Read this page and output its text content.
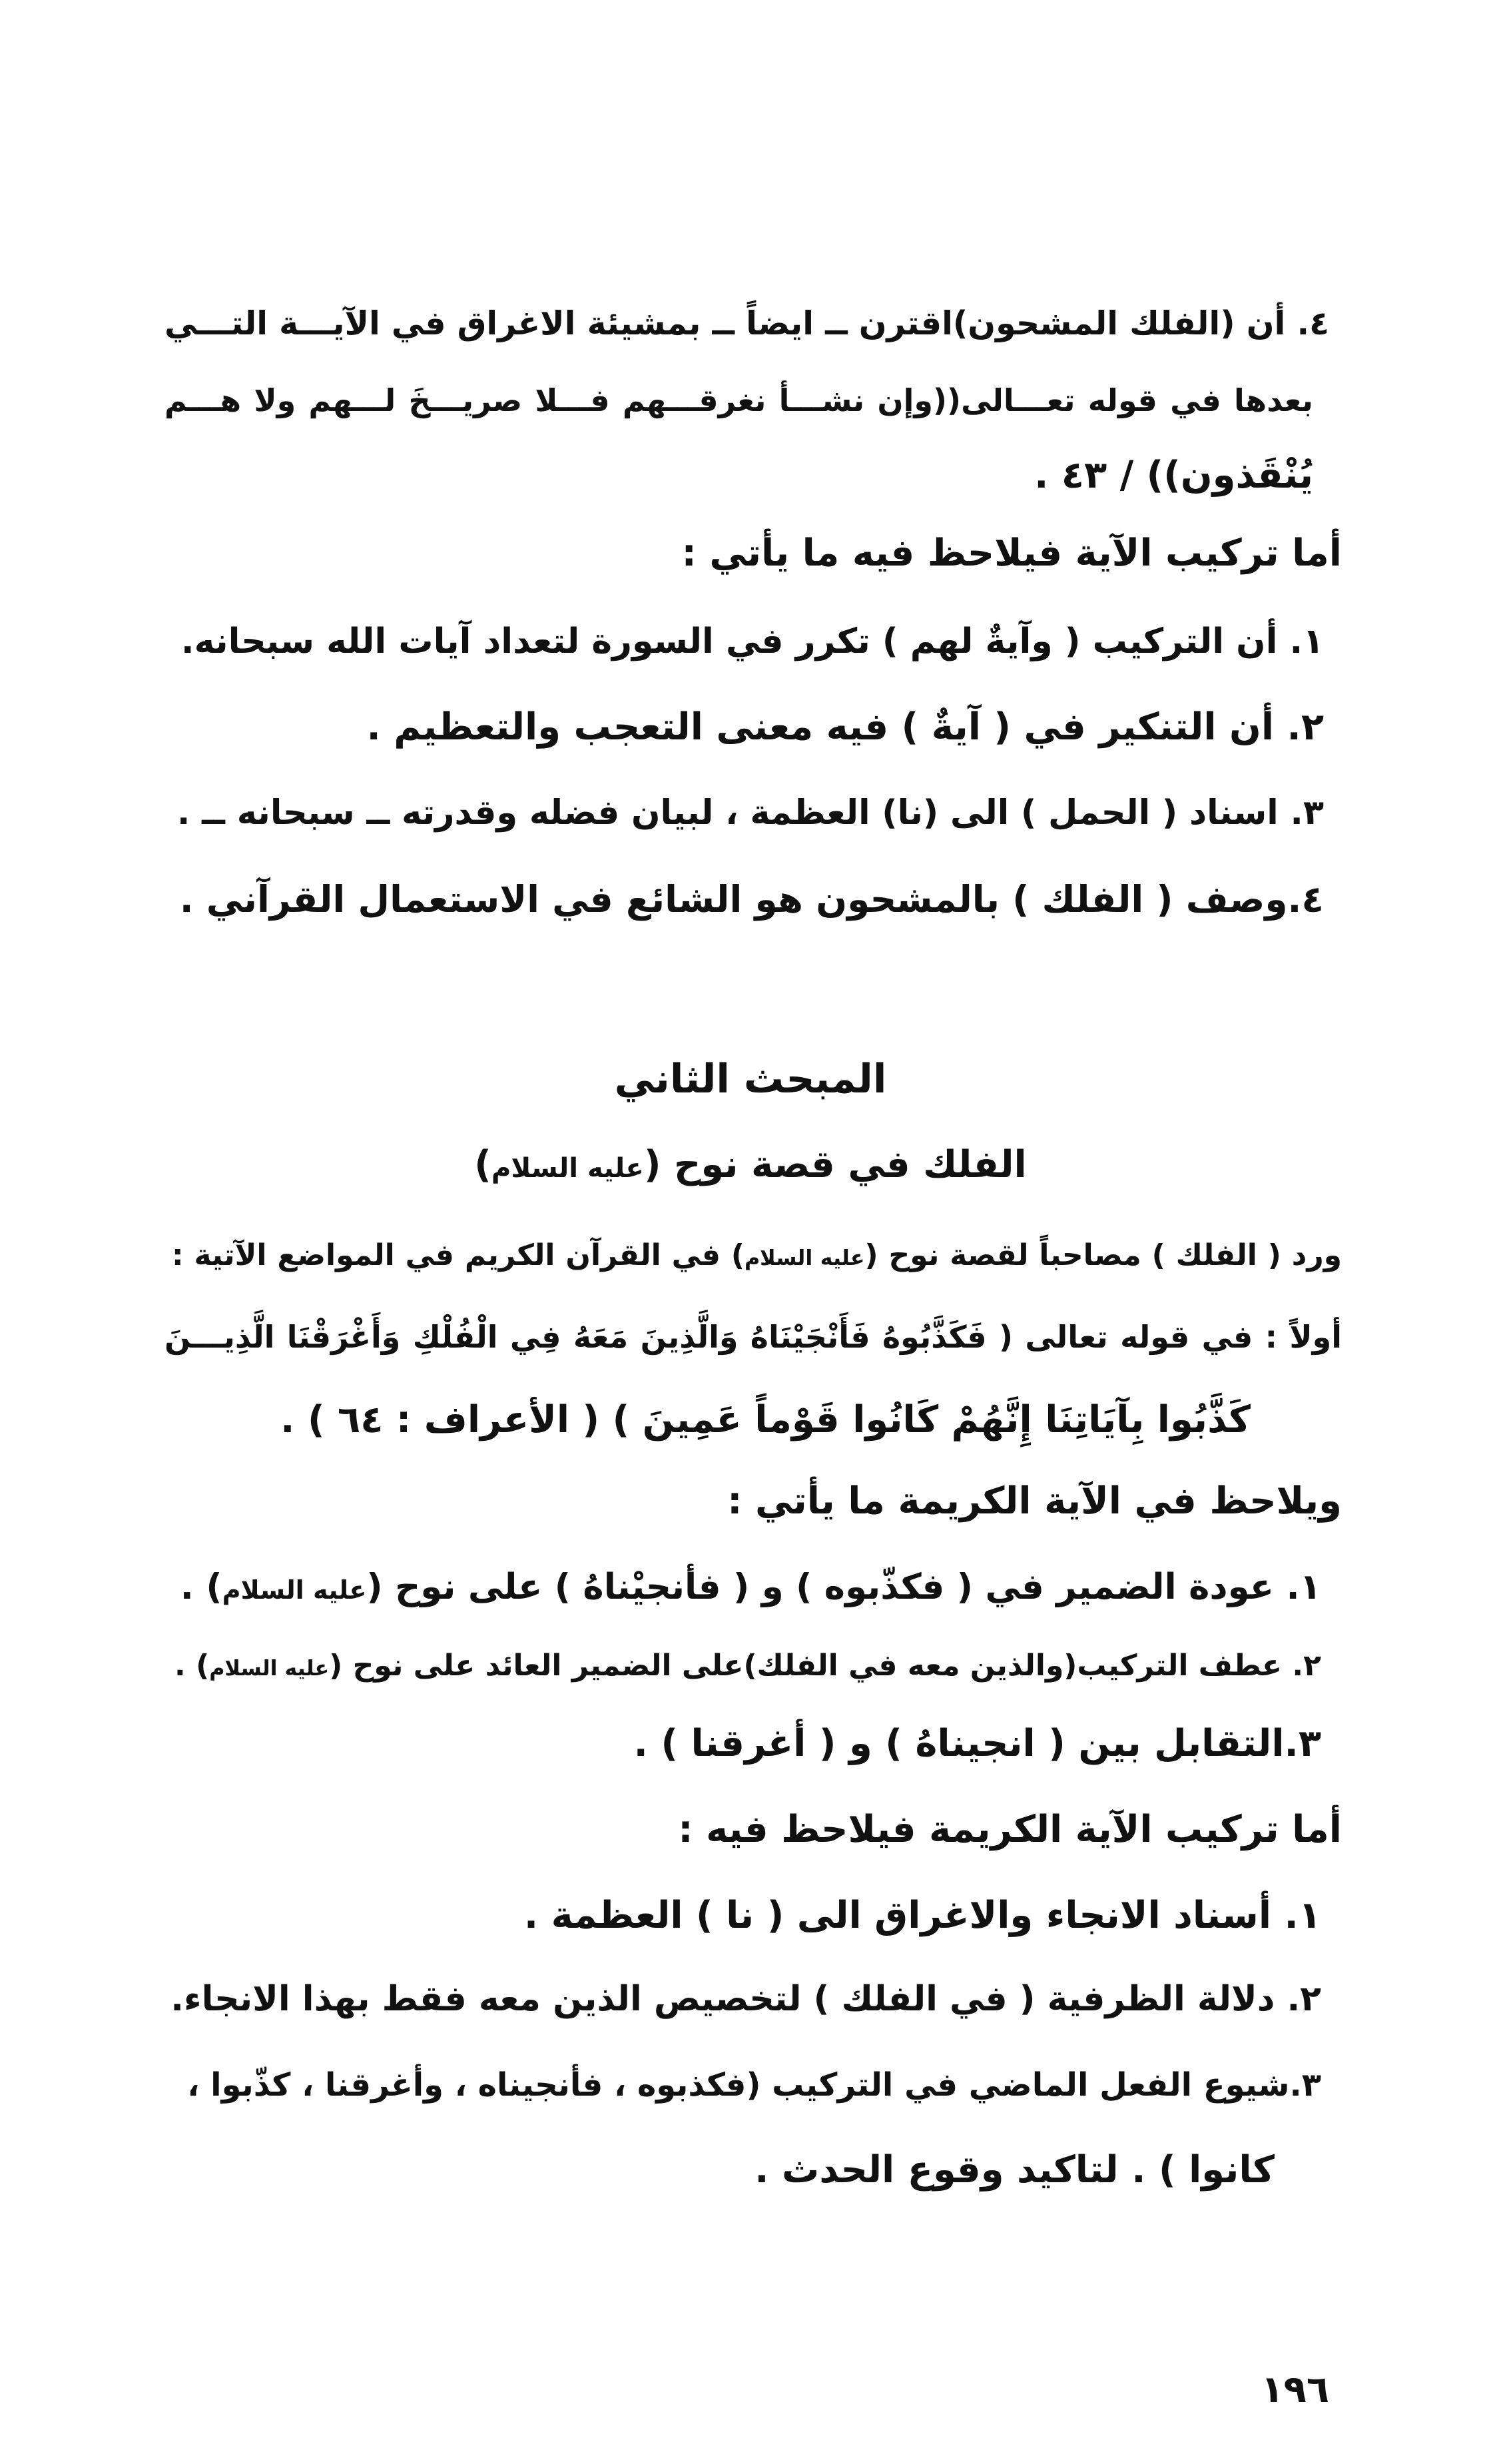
٤. أن (الفلك المشحون)اقترن ــ ايضاً ــ بمشيئة الاغراق في الآيـــة التـــي
بعدها في قوله تعـــالى((وإن نشـــأ نغرقـــهم فـــلا صريـــخَ لـــهم ولا هـــم
يُنْقَذون)) / ٤٣ .
أما تركيب الآية فيلاحظ فيه ما يأتي :
١. أن التركيب ( وآيةٌ لهم ) تكرر في السورة لتعداد آيات الله سبحانه.
٢. أن التنكير في ( آيةٌ ) فيه معنى التعجب والتعظيم .
٣. اسناد ( الحمل ) الى (نا) العظمة ، لبيان فضله وقدرته ــ سبحانه ــ .
٤.وصف ( الفلك ) بالمشحون هو الشائع في الاستعمال القرآني .
المبحث الثاني
الفلك في قصة نوح (عليه السلام)
ورد ( الفلك ) مصاحباً لقصة نوح (عليه السلام) في القرآن الكريم في المواضع الآتية :
أولاً : في قوله تعالى ( فَكَذَّبُوهُ فَأَنْجَيْنَاهُ وَالَّذِينَ مَعَهُ فِي الْفُلْكِ وَأَغْرَقْنَا الَّذِيـــنَ
كَذَّبُوا بِآيَاتِنَا إِنَّهُمْ كَانُوا قَوْماً عَمِينَ ) ( الأعراف : ٦٤ ) .
ويلاحظ في الآية الكريمة ما يأتي :
١. عودة الضمير في ( فكذّبوه ) و ( فأنجيْناهُ ) على نوح (عليه السلام) .
٢. عطف التركيب(والذين معه في الفلك)على الضمير العائد على نوح (عليه السلام) .
٣.التقابل بين ( انجيناهُ ) و ( أغرقنا ) .
أما تركيب الآية الكريمة فيلاحظ فيه :
١. أسناد الانجاء والاغراق الى ( نا ) العظمة .
٢. دلالة الظرفية ( في الفلك ) لتخصيص الذين معه فقط بهذا الانجاء.
٣.شيوع الفعل الماضي في التركيب (فكذبوه ، فأنجيناه ، وأغرقنا ، كذّبوا ،
كانوا ) . لتاكيد وقوع الحدث .
١٩٦
